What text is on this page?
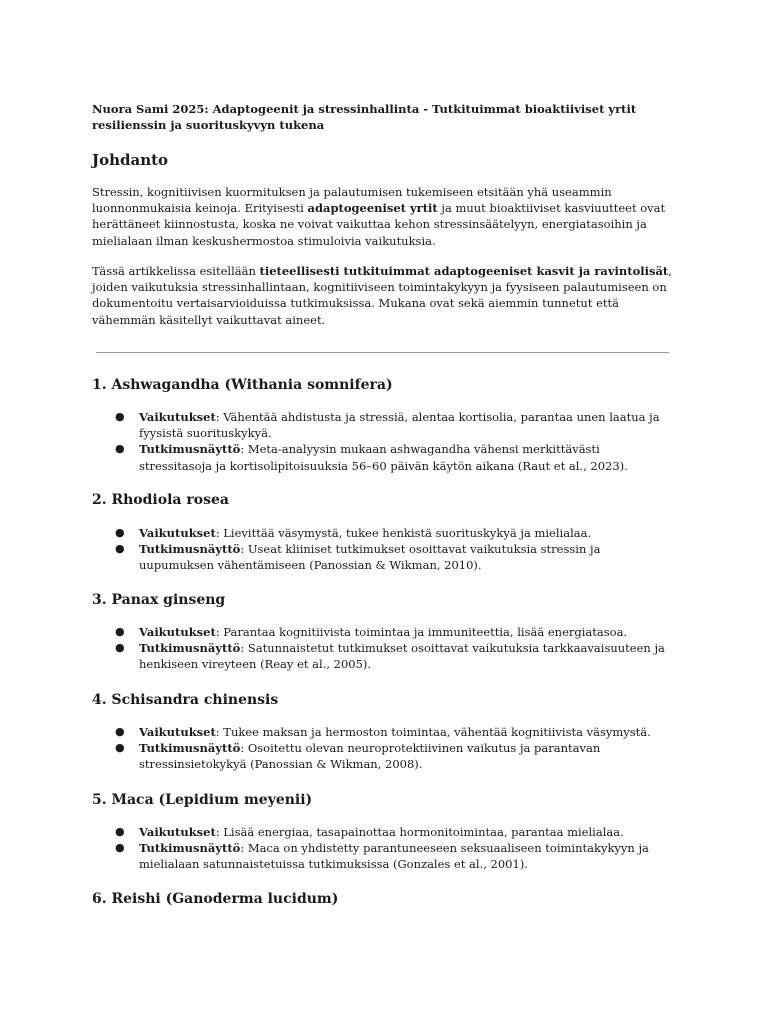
Nuora Sami 2025: Adaptogeenit ja stressinhallinta - Tutkituimmat bioaktiiviset yrtit resilienssin ja suorituskyvyn tukena

Johdanto

Stressin, kognitiivisen kuormituksen ja palautumisen tukemiseen etsitään yhä useammin luonnonmukaisia keinoja. Erityisesti adaptogeeniset yrtit ja muut bioaktiiviset kasviuutteet ovat herättäneet kiinnostusta, koska ne voivat vaikuttaa kehon stressinsäätelyyn, energiatasoihin ja mielialaan ilman keskushermostoa stimuloivia vaikutuksia.

Tässä artikkelissa esitellään tieteellisesti tutkituimmat adaptogeeniset kasvit ja ravintolisät, joiden vaikutuksia stressinhallintaan, kognitiiviseen toimintakykyyn ja fyysiseen palautumiseen on dokumentoitu vertaisarvioiduissa tutkimuksissa. Mukana ovat sekä aiemmin tunnetut että vähemmän käsitellyt vaikuttavat aineet.

1. Ashwagandha (Withania somnifera)
● Vaikutukset: Vähentää ahdistusta ja stressiä, alentaa kortisolia, parantaa unen laatua ja fyysistä suorituskykyä.
● Tutkimusnäyttö: Meta-analyysin mukaan ashwagandha vähensi merkittävästi stressitasoja ja kortisolipitoisuuksia 56–60 päivän käytön aikana (Raut et al., 2023).
2. Rhodiola rosea
● Vaikutukset: Lievittää väsymystä, tukee henkistä suorituskykyä ja mielialaa.
● Tutkimusnäyttö: Useat kliiniset tutkimukset osoittavat vaikutuksia stressin ja uupumuksen vähentämiseen (Panossian & Wikman, 2010).
3. Panax ginseng
● Vaikutukset: Parantaa kognitiivista toimintaa ja immuniteettia, lisää energiatasoa.
● Tutkimusnäyttö: Satunnaistetut tutkimukset osoittavat vaikutuksia tarkkaavaisuuteen ja henkiseen vireyteen (Reay et al., 2005).
4. Schisandra chinensis
● Vaikutukset: Tukee maksan ja hermoston toimintaa, vähentää kognitiivista väsymystä.
● Tutkimusnäyttö: Osoitettu olevan neuroprotektiivinen vaikutus ja parantavan stressinsietokykyä (Panossian & Wikman, 2008).
5. Maca (Lepidium meyenii)
● Vaikutukset: Lisää energiaa, tasapainottaa hormonitoimintaa, parantaa mielialaa.
● Tutkimusnäyttö: Maca on yhdistetty parantuneeseen seksuaaliseen toimintakykyyn ja mielialaan satunnaistetuissa tutkimuksissa (Gonzales et al., 2001).
6. Reishi (Ganoderma lucidum)
